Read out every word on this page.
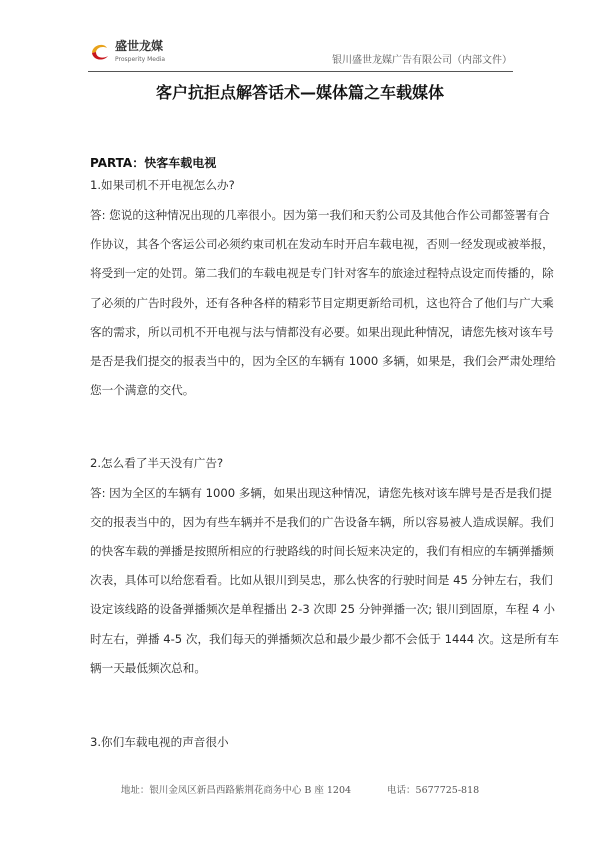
盛世龙媒
Prosperity Media	银川盛世龙媒广告有限公司（内部文件）
客户抗拒点解答话术—媒体篇之车载媒体
PARTA：快客车载电视
1.如果司机不开电视怎么办?
答: 您说的这种情况出现的几率很小。因为第一我们和天豹公司及其他合作公司都签署有合
作协议，其各个客运公司必须约束司机在发动车时开启车载电视，否则一经发现或被举报，
将受到一定的处罚。第二我们的车载电视是专门针对客车的旅途过程特点设定而传播的，除
了必须的广告时段外，还有各种各样的精彩节目定期更新给司机，这也符合了他们与广大乘
客的需求，所以司机不开电视与法与情都没有必要。如果出现此种情况，请您先核对该车号
是否是我们提交的报表当中的，因为全区的车辆有 1000 多辆，如果是，我们会严肃处理给
您一个满意的交代。
2.怎么看了半天没有广告?
答: 因为全区的车辆有 1000 多辆，如果出现这种情况，请您先核对该车牌号是否是我们提
交的报表当中的，因为有些车辆并不是我们的广告设备车辆，所以容易被人造成误解。我们
的快客车载的弹播是按照所相应的行驶路线的时间长短来决定的，我们有相应的车辆弹播频
次表，具体可以给您看看。比如从银川到吴忠，那么快客的行驶时间是 45 分钟左右，我们
设定该线路的设备弹播频次是单程播出 2-3 次即 25 分钟弹播一次; 银川到固原，车程 4 小
时左右，弹播 4-5 次，我们每天的弹播频次总和最少最少都不会低于 1444 次。这是所有车
辆一天最低频次总和。
3.你们车载电视的声音很小
地址：银川金凤区新昌西路紫荆花商务中心 B 座 1204	电话：5677725-818
